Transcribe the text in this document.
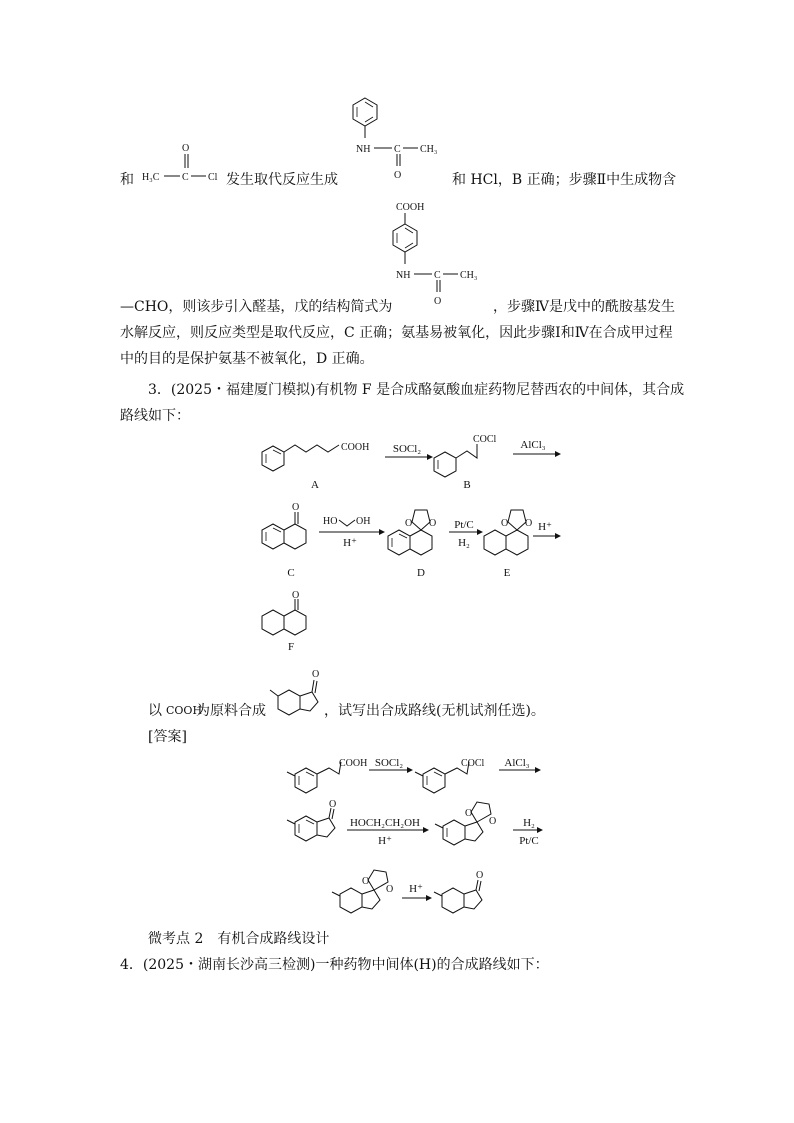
和 H₃C C
O
Cl 发生取代反应生成
NH C
O
CH₃
和 HCl，B 正确；步骤Ⅱ中生成物含
COOH
NH C
O
CH₃
—CHO，则该步引入醛基，戊的结构简式为	，步骤Ⅳ是戊中的酰胺基发生
水解反应，则反应类型是取代反应，C 正确；氨基易被氧化，因此步骤Ⅰ和Ⅳ在合成甲过程
中的目的是保护氨基不被氧化，D 正确。
3．(2025・福建厦门模拟)有机物 F 是合成酪氨酸血症药物尼替西农的中间体，其合成
路线如下：
COOH
A
SOCl₂
COCl
B
AlCl₃
O
C
HO OH
H⁺
O O
D
Pt/C
H₂
O O
E
H⁺
O
F
以 COOH
为原料合成
O
，试写出合成路线(无机试剂任选)。
[答案]
COOH SOCl₂	COCl AlCl₃
O
HOCH₂CH₂OH
H⁺
O
O H₂
Pt/C
O
O H⁺
O
微考点 2　有机合成路线设计
4．(2025・湖南长沙高三检测)一种药物中间体(H)的合成路线如下：
